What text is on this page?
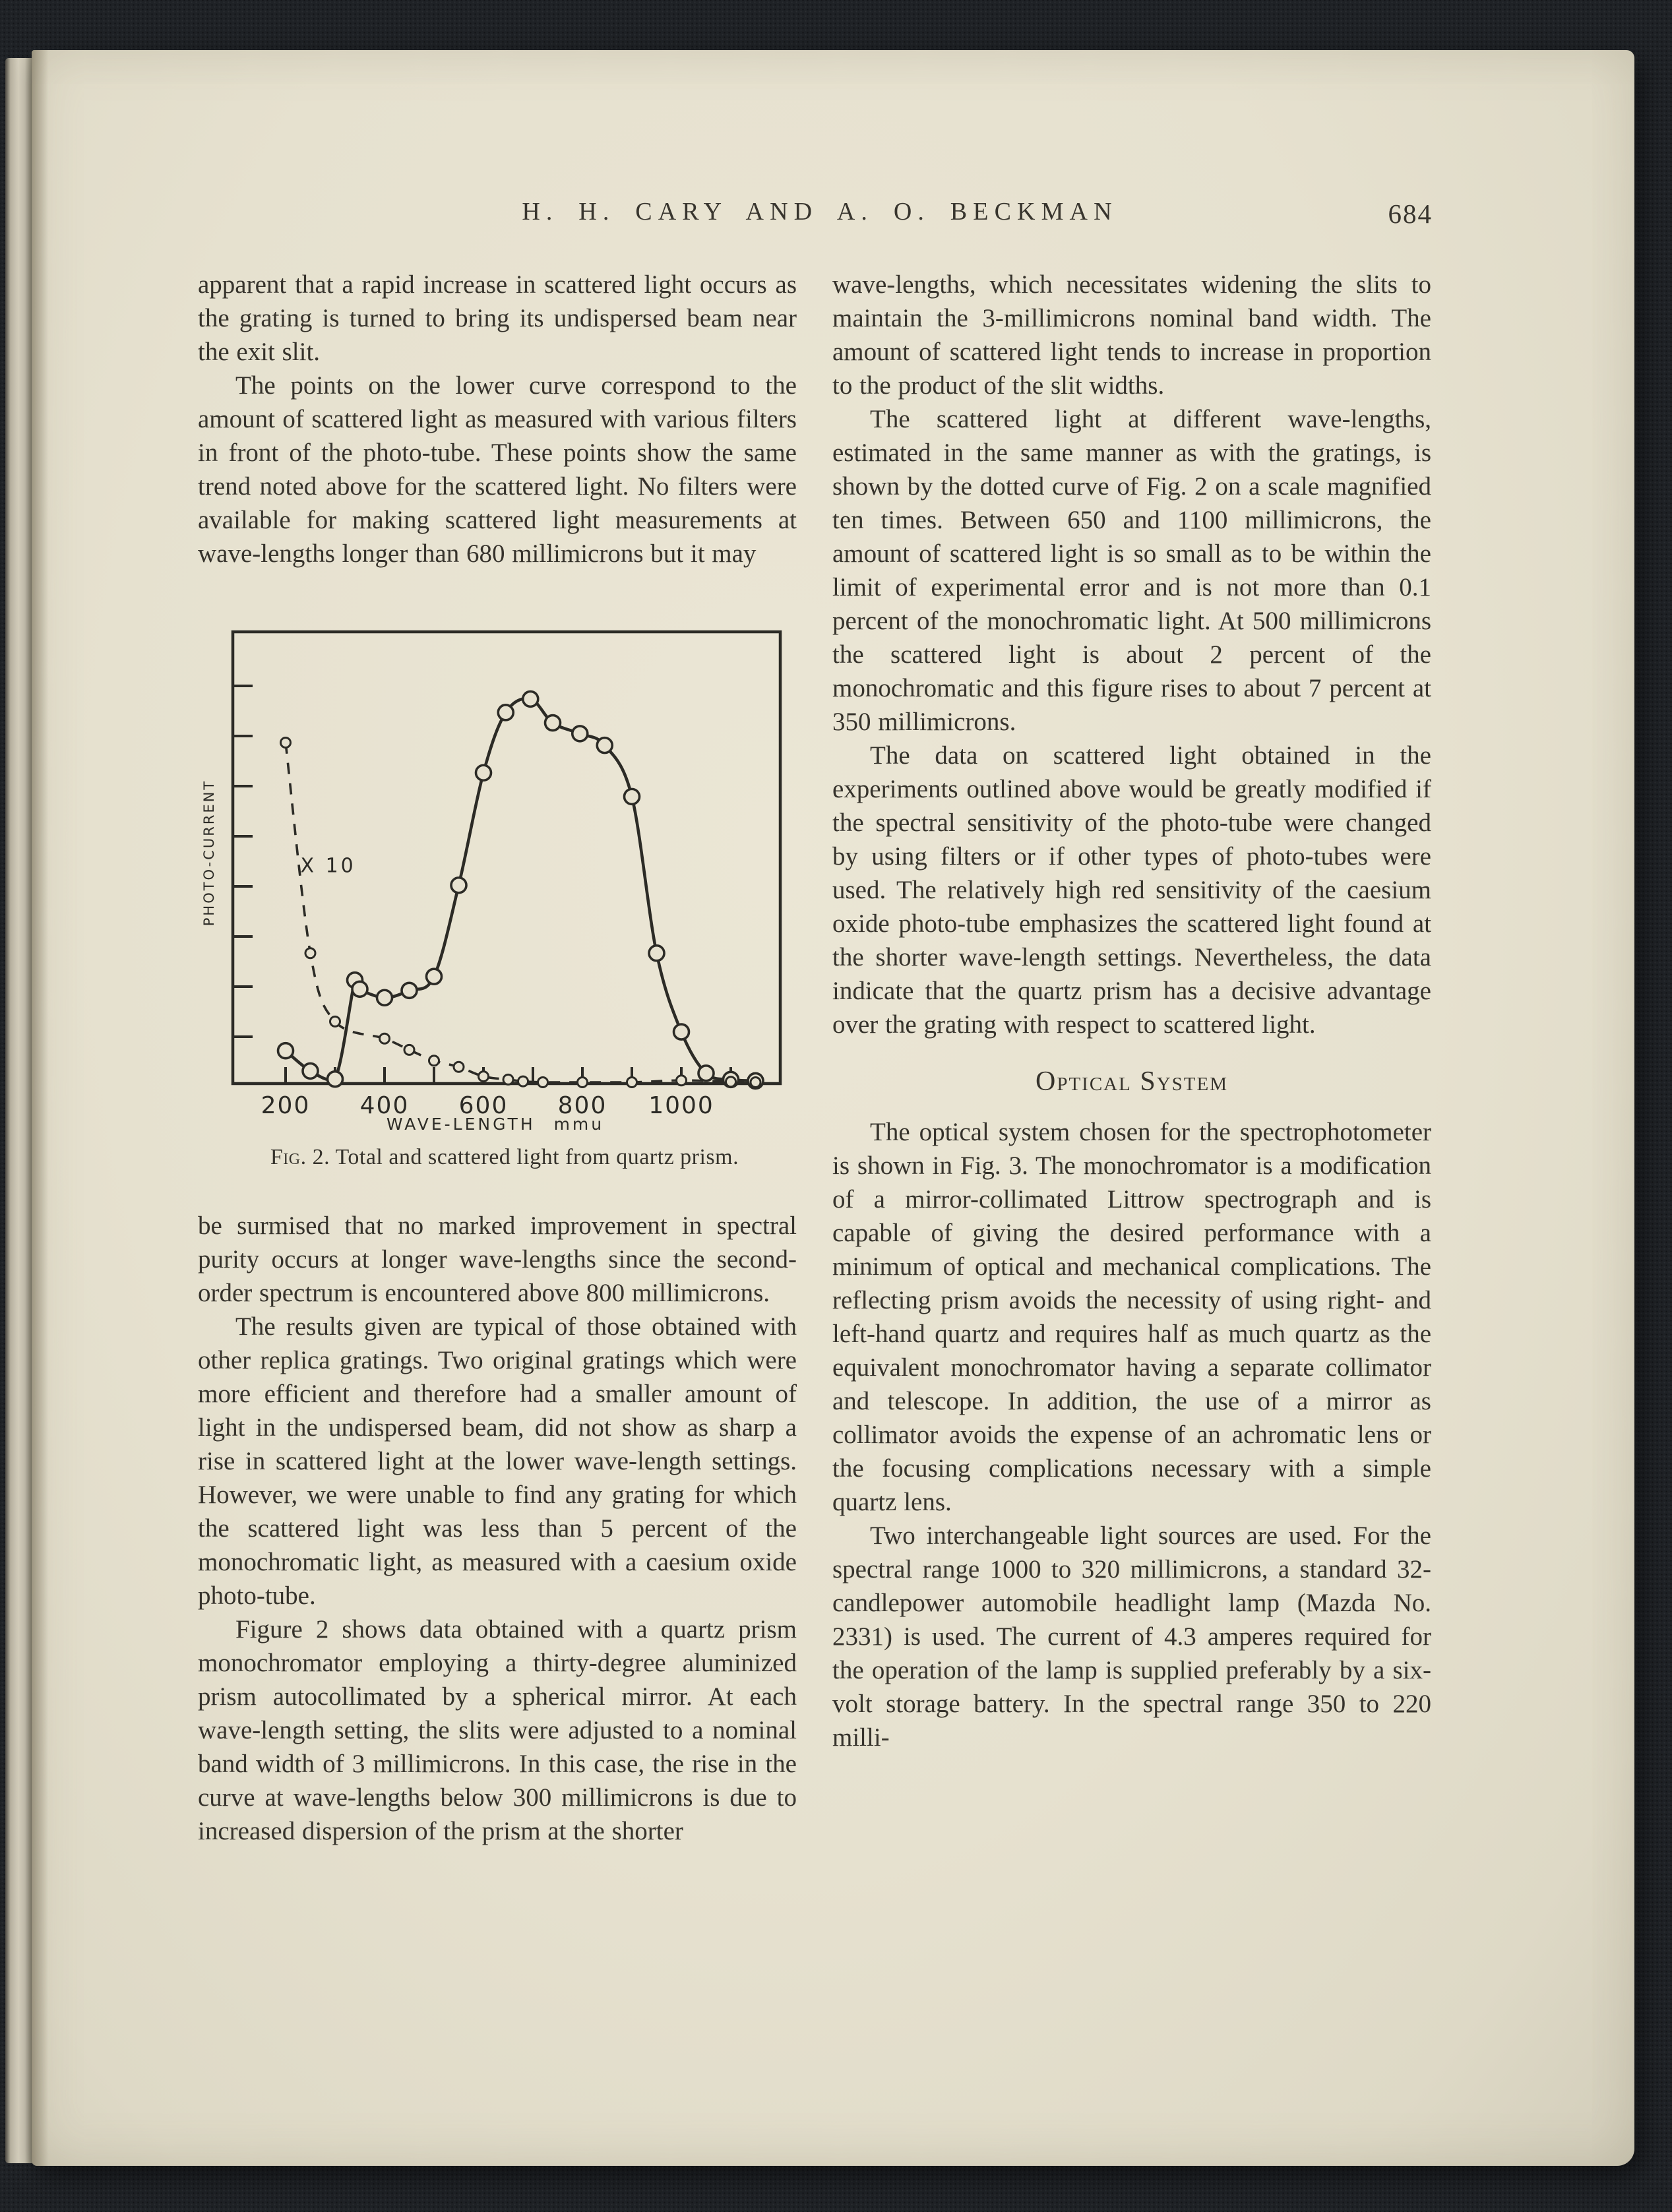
H. H. CARY AND A. O. BECKMAN	684

apparent that a rapid increase in scattered light occurs as the grating is turned to bring its undispersed beam near the exit slit.

The points on the lower curve correspond to the amount of scattered light as measured with various filters in front of the photo-tube. These points show the same trend noted above for the scattered light. No filters were available for making scattered light measurements at wave-lengths longer than 680 millimicrons but it may

200 400 600 800 1000
WAVE-LENGTH mmu
PHOTO-CURRENT	X 10
Fig. 2. Total and scattered light from quartz prism.

be surmised that no marked improvement in spectral purity occurs at longer wave-lengths since the second-order spectrum is encountered above 800 millimicrons.

The results given are typical of those obtained with other replica gratings. Two original gratings which were more efficient and therefore had a smaller amount of light in the undispersed beam, did not show as sharp a rise in scattered light at the lower wave-length settings. However, we were unable to find any grating for which the scattered light was less than 5 percent of the monochromatic light, as measured with a caesium oxide photo-tube.

Figure 2 shows data obtained with a quartz prism monochromator employing a thirty-degree aluminized prism autocollimated by a spherical mirror. At each wave-length setting, the slits were adjusted to a nominal band width of 3 millimicrons. In this case, the rise in the curve at wave-lengths below 300 millimicrons is due to increased dispersion of the prism at the shorter

wave-lengths, which necessitates widening the slits to maintain the 3-millimicrons nominal band width. The amount of scattered light tends to increase in proportion to the product of the slit widths.

The scattered light at different wave-lengths, estimated in the same manner as with the gratings, is shown by the dotted curve of Fig. 2 on a scale magnified ten times. Between 650 and 1100 millimicrons, the amount of scattered light is so small as to be within the limit of experimental error and is not more than 0.1 percent of the monochromatic light. At 500 millimicrons the scattered light is about 2 percent of the monochromatic and this figure rises to about 7 percent at 350 millimicrons.

The data on scattered light obtained in the experiments outlined above would be greatly modified if the spectral sensitivity of the photo-tube were changed by using filters or if other types of photo-tubes were used. The relatively high red sensitivity of the caesium oxide photo-tube emphasizes the scattered light found at the shorter wave-length settings. Nevertheless, the data indicate that the quartz prism has a decisive advantage over the grating with respect to scattered light.

Optical System

The optical system chosen for the spectrophotometer is shown in Fig. 3. The monochromator is a modification of a mirror-collimated Littrow spectrograph and is capable of giving the desired performance with a minimum of optical and mechanical complications. The reflecting prism avoids the necessity of using right- and left-hand quartz and requires half as much quartz as the equivalent monochromator having a separate collimator and telescope. In addition, the use of a mirror as collimator avoids the expense of an achromatic lens or the focusing complications necessary with a simple quartz lens.

Two interchangeable light sources are used. For the spectral range 1000 to 320 millimicrons, a standard 32-candlepower automobile headlight lamp (Mazda No. 2331) is used. The current of 4.3 amperes required for the operation of the lamp is supplied preferably by a six-volt storage battery. In the spectral range 350 to 220 milli-
